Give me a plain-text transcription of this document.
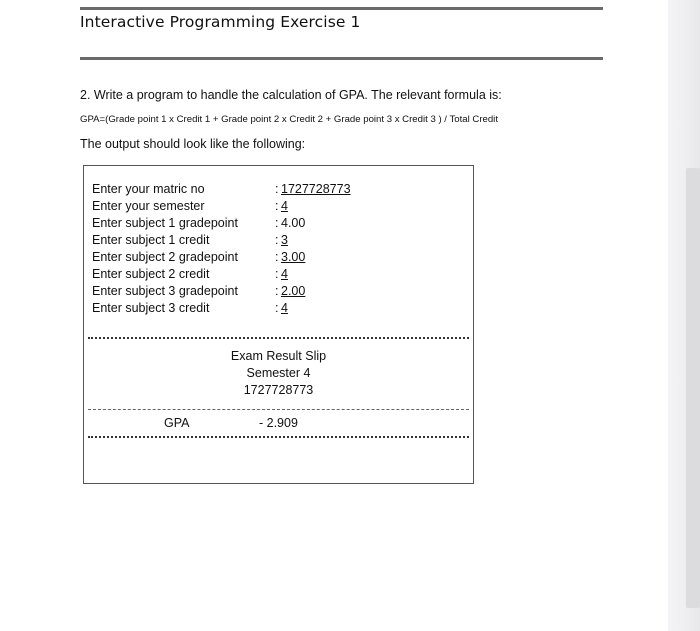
Interactive Programming Exercise 1
2. Write a program to handle the calculation of GPA. The relevant formula is:
GPA=(Grade point 1 x Credit 1 + Grade point 2 x Credit 2 + Grade point 3 x Credit 3 ) / Total Credit
The output should look like the following:
Enter your matric no	: 1727728773
Enter your semester	: 4
Enter subject 1 gradepoint	: 4.00
Enter subject 1 credit	: 3
Enter subject 2 gradepoint	: 3.00
Enter subject 2 credit	: 4
Enter subject 3 gradepoint	: 2.00
Enter subject 3 credit	: 4
Exam Result Slip
Semester 4
1727728773
GPA	- 2.909
